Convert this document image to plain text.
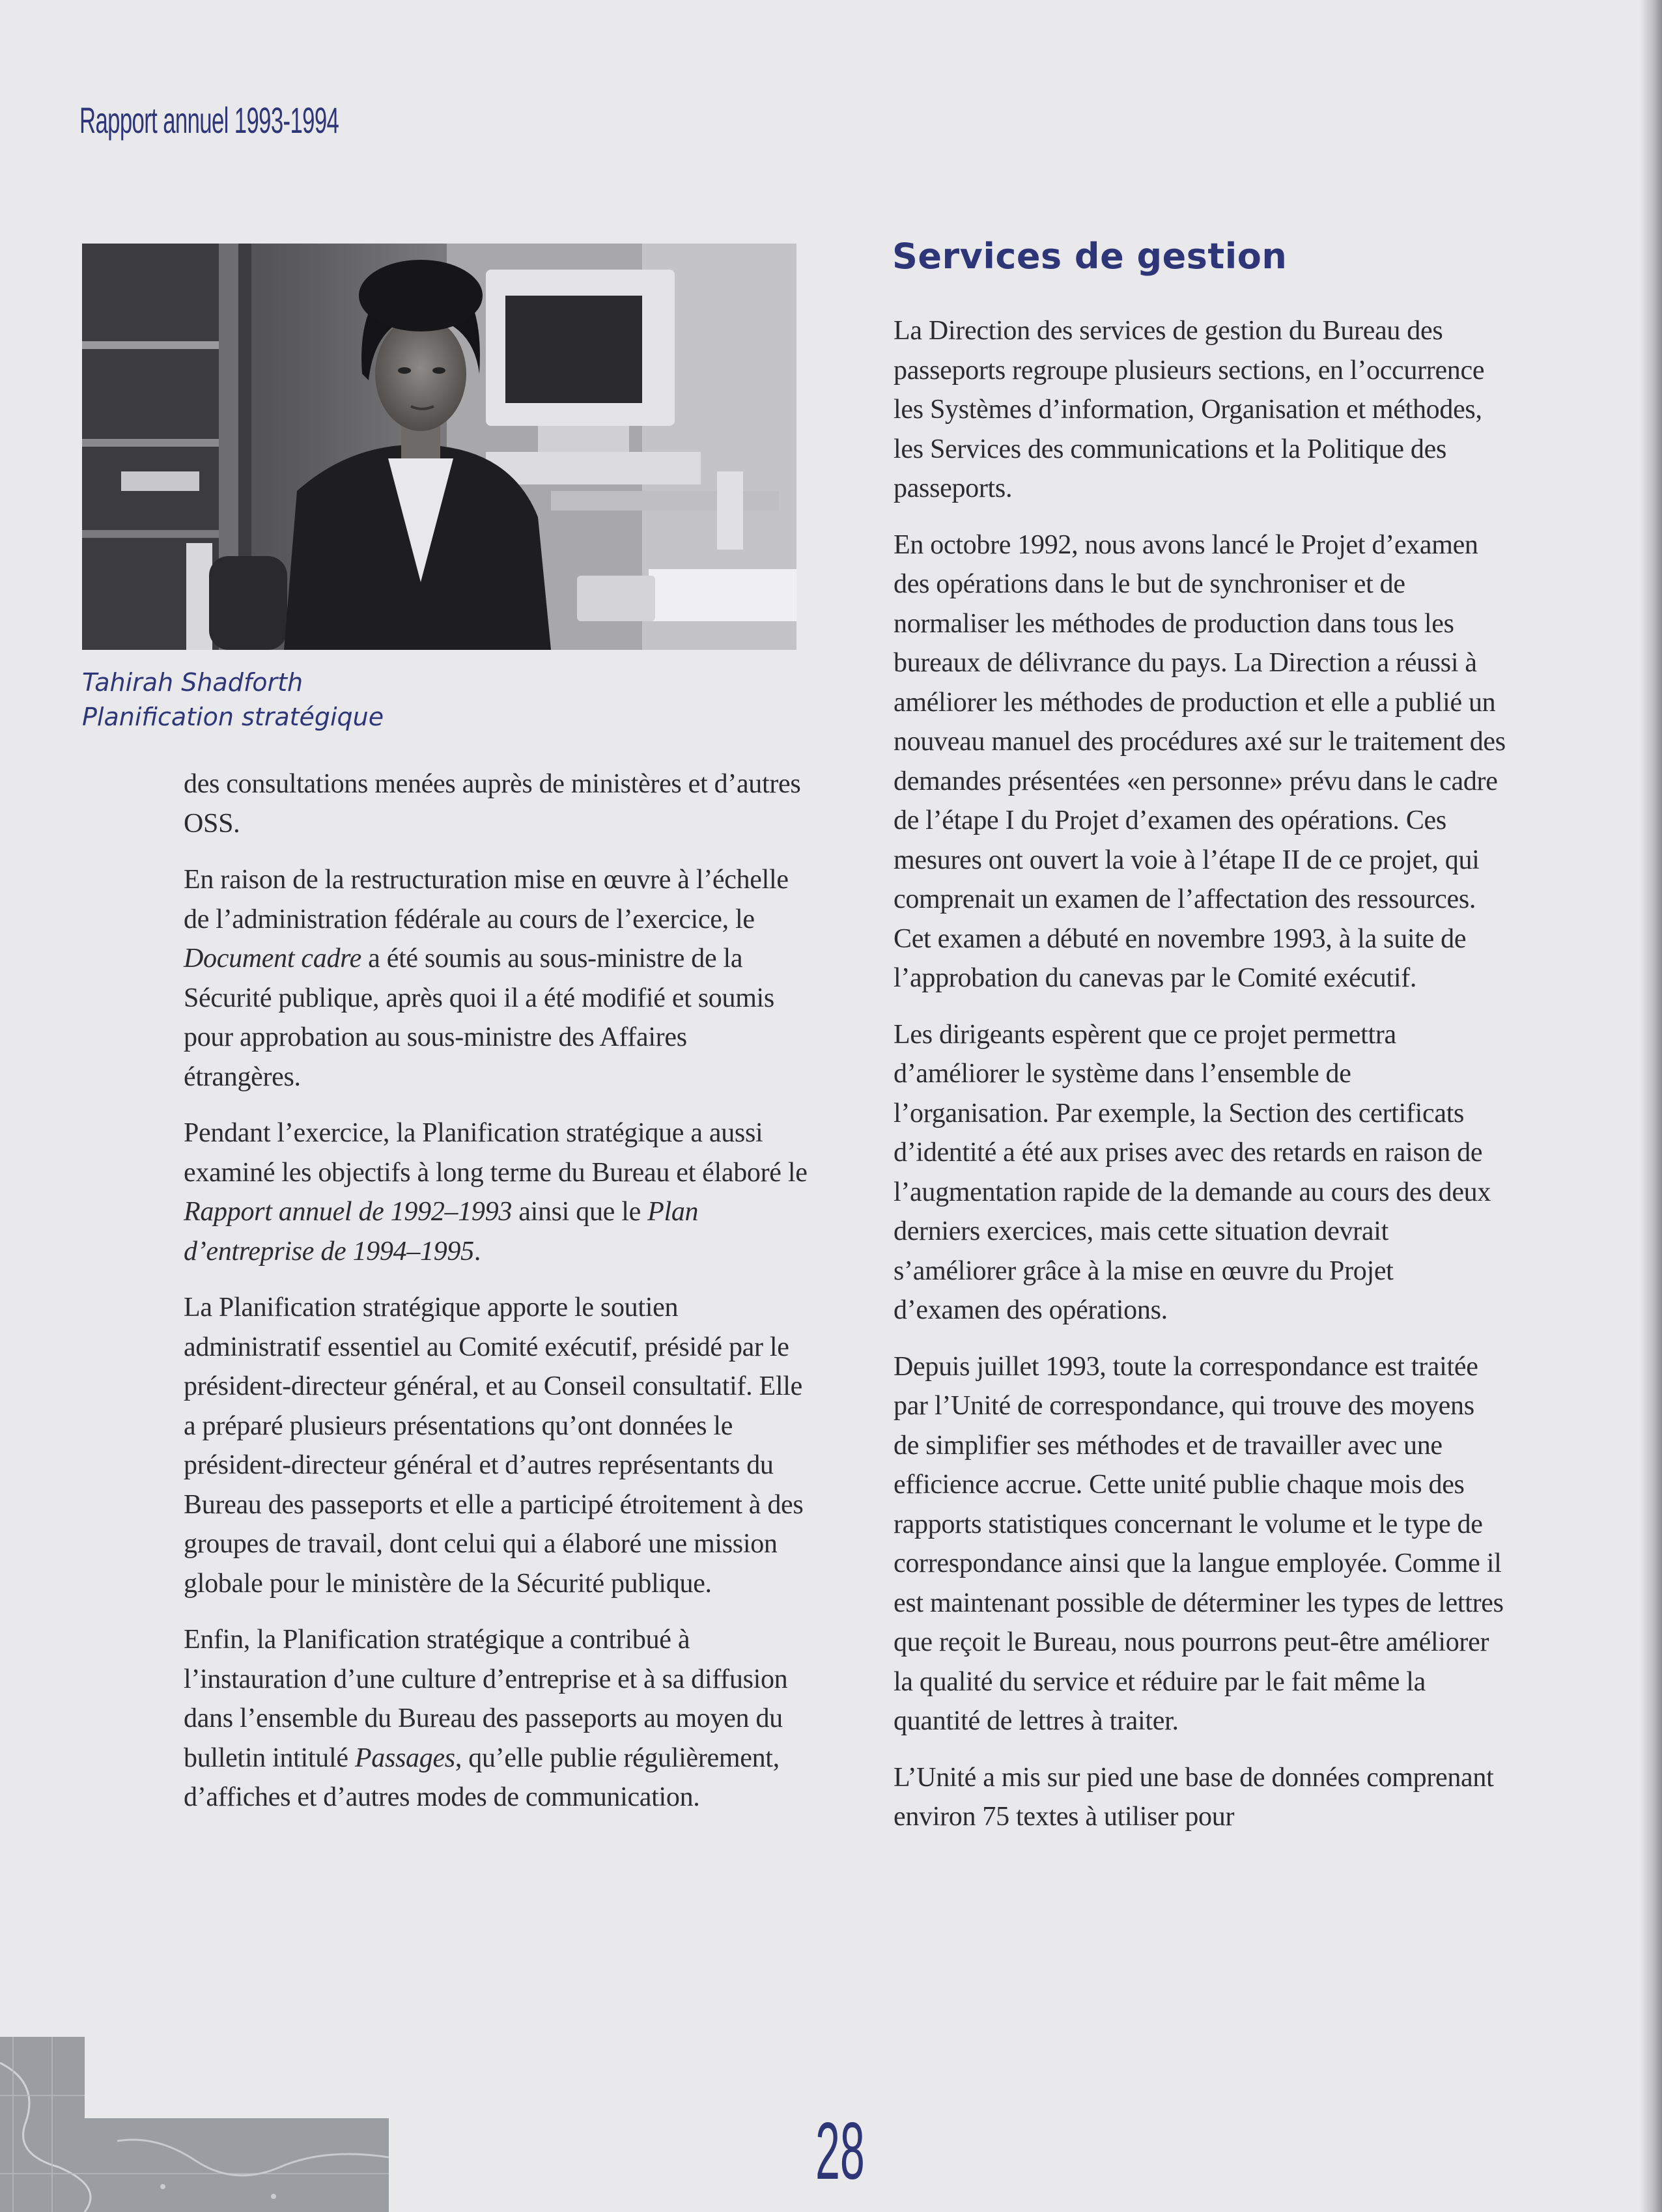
Rapport annuel 1993-1994
Tahirah Shadforth
Planification stratégique

des consultations menées auprès de ministères et d’autres OSS.

En raison de la restructuration mise en œuvre à l’échelle de l’administration fédérale au cours de l’exercice, le Document cadre a été soumis au sous-ministre de la Sécurité publique, après quoi il a été modifié et soumis pour approbation au sous-ministre des Affaires étrangères.

Pendant l’exercice, la Planification stratégique a aussi examiné les objectifs à long terme du Bureau et élaboré le Rapport annuel de 1992–1993 ainsi que le Plan d’entreprise de 1994–1995.

La Planification stratégique apporte le soutien administratif essentiel au Comité exécutif, présidé par le président-directeur général, et au Conseil consultatif. Elle a préparé plusieurs présentations qu’ont données le président-directeur général et d’autres représentants du Bureau des passeports et elle a participé étroitement à des groupes de travail, dont celui qui a élaboré une mission globale pour le ministère de la Sécurité publique.

Enfin, la Planification stratégique a contribué à l’instauration d’une culture d’entreprise et à sa diffusion dans l’ensemble du Bureau des passeports au moyen du bulletin intitulé Passages, qu’elle publie régulièrement, d’affiches et d’autres modes de communication.

Services de gestion

La Direction des services de gestion du Bureau des passeports regroupe plusieurs sections, en l’occurrence les Systèmes d’information, Organisation et méthodes, les Services des communications et la Politique des passeports.

En octobre 1992, nous avons lancé le Projet d’examen des opérations dans le but de synchroniser et de normaliser les méthodes de production dans tous les bureaux de délivrance du pays. La Direction a réussi à améliorer les méthodes de production et elle a publié un nouveau manuel des procédures axé sur le traitement des demandes présentées «en personne» prévu dans le cadre de l’étape I du Projet d’examen des opérations. Ces mesures ont ouvert la voie à l’étape II de ce projet, qui comprenait un examen de l’affectation des ressources. Cet examen a débuté en novembre 1993, à la suite de l’approbation du canevas par le Comité exécutif.

Les dirigeants espèrent que ce projet permettra d’améliorer le système dans l’ensemble de l’organisation. Par exemple, la Section des certificats d’identité a été aux prises avec des retards en raison de l’augmentation rapide de la demande au cours des deux derniers exercices, mais cette situation devrait s’améliorer grâce à la mise en œuvre du Projet d’examen des opérations.

Depuis juillet 1993, toute la correspondance est traitée par l’Unité de correspondance, qui trouve des moyens de simplifier ses méthodes et de travailler avec une efficience accrue. Cette unité publie chaque mois des rapports statistiques concernant le volume et le type de correspondance ainsi que la langue employée. Comme il est maintenant possible de déterminer les types de lettres que reçoit le Bureau, nous pourrons peut-être améliorer la qualité du service et réduire par le fait même la quantité de lettres à traiter.

L’Unité a mis sur pied une base de données comprenant environ 75 textes à utiliser pour

28
